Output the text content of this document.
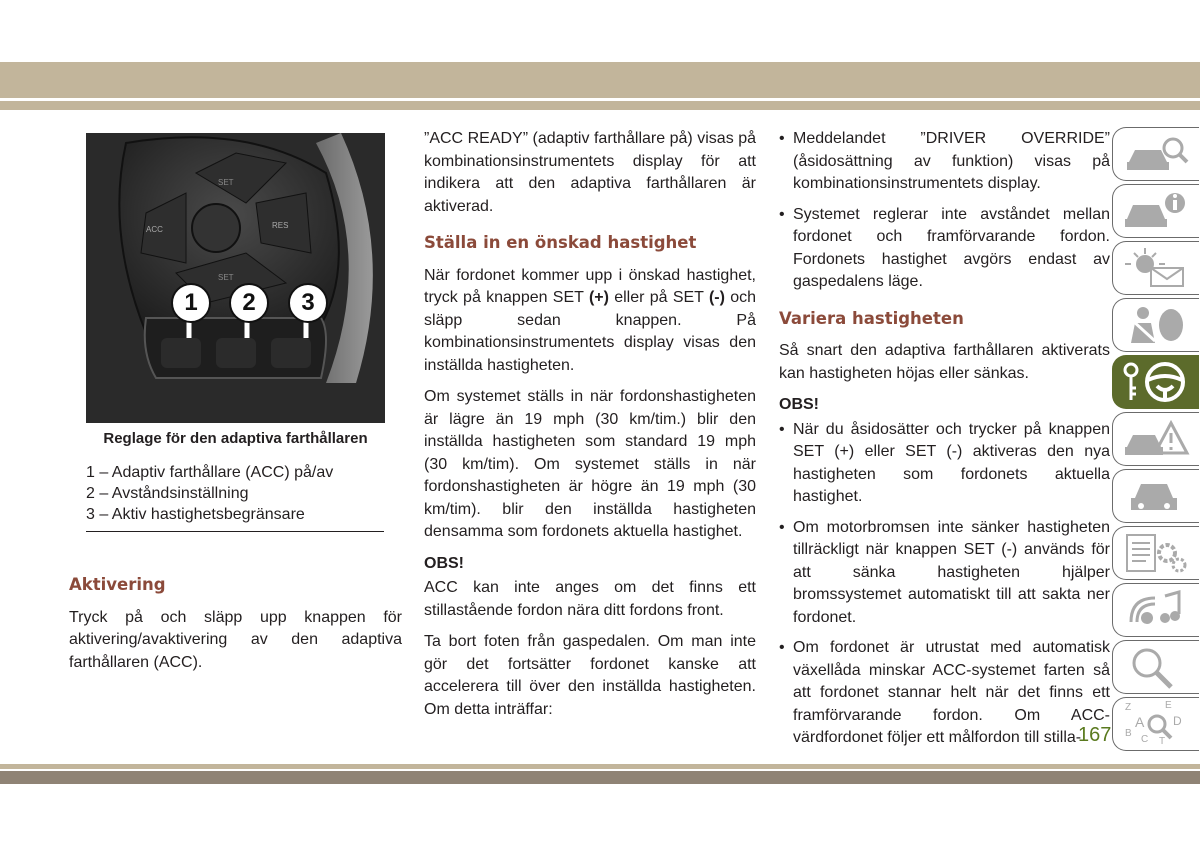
ACC	RES
SET
SET
1	2	3
Reglage för den adaptiva farthållaren
1 – Adaptiv farthållare (ACC) på/av
2 – Avståndsinställning
3 – Aktiv hastighetsbegränsare
Aktivering

Tryck på och släpp upp knappen för aktivering/avaktivering av den adaptiva farthållaren (ACC).

”ACC READY” (adaptiv farthållare på) visas på kombinationsinstrumentets display för att indikera att den adaptiva farthållaren är aktiverad.

Ställa in en önskad hastighet

När fordonet kommer upp i önskad hastighet, tryck på knappen SET (+) eller på SET (-) och släpp sedan knappen. På kombinationsinstrumentets display visas den inställda hastigheten.

Om systemet ställs in när fordonshastigheten är lägre än 19 mph (30 km/tim.) blir den inställda hastigheten som standard 19 mph (30 km/tim). Om systemet ställs in när fordonshastigheten är högre än 19 mph (30 km/tim). blir den inställda hastigheten densamma som fordonets aktuella hastighet.

OBS!

ACC kan inte anges om det finns ett stillastående fordon nära ditt fordons front.

Ta bort foten från gaspedalen. Om man inte gör det fortsätter fordonet kanske att accelerera till över den inställda hastigheten. Om detta inträffar:

• Meddelandet ”DRIVER OVERRIDE” (åsidosättning av funktion) visas på kombinationsinstrumentets display.
• Systemet reglerar inte avståndet mellan fordonet och framförvarande fordon. Fordonets hastighet avgörs endast av gaspedalens läge.
Variera hastigheten

Så snart den adaptiva farthållaren aktiverats kan hastigheten höjas eller sänkas.

OBS!

• När du åsidosätter och trycker på knappen SET (+) eller SET (-) aktiveras den nya hastigheten som fordonets aktuella hastighet.
• Om motorbromsen inte sänker hastigheten tillräckligt när knappen SET (-) används för att sänka hastigheten hjälper bromssystemet automatiskt till att sakta ner fordonet.
• Om fordonet är utrustat med automatisk växellåda minskar ACC-systemet farten så att fordonet stannar helt när det finns ett framförvarande fordon. Om ACC-värdfordonet följer ett målfordon till stilla-
167
Z	E
A
B
D
C T
